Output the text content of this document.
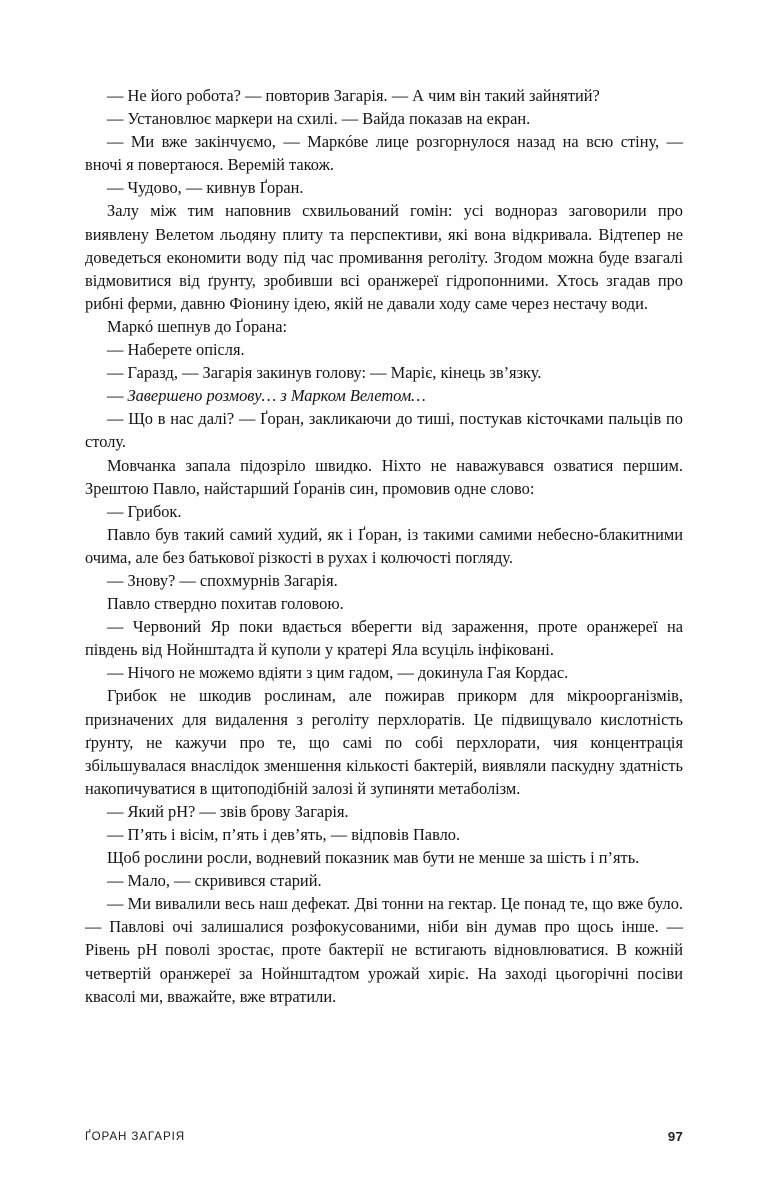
— Не його робота? — повторив Загарія. — А чим він такий зайнятий?

— Установлює маркери на схилі. — Вайда показав на екран.

— Ми вже закінчуємо, — Маркóве лице розгорнулося назад на всю стіну, — вночі я повертаюся. Веремій також.

— Чудово, — кивнув Ґоран.

Залу між тим наповнив схвильований гомін: усі воднораз заговорили про виявлену Велетом льодяну плиту та перспективи, які вона відкривала. Відтепер не доведеться економити воду під час промивання реголіту. Згодом можна буде взагалі відмовитися від ґрунту, зробивши всі оранжереї гідропонними. Хтось згадав про рибні ферми, давню Фіонину ідею, якій не давали ходу саме через нестачу води.

Маркó шепнув до Ґорана:

— Наберете опісля.

— Гаразд, — Загарія закинув голову: — Маріє, кінець зв’язку.

— Завершено розмову… з Марком Велетом…

— Що в нас далі? — Ґоран, закликаючи до тиші, постукав кісточками пальців по столу.

Мовчанка запала підозріло швидко. Ніхто не наважувався озватися першим. Зрештою Павло, найстарший Ґоранів син, промовив одне слово:

— Грибок.

Павло був такий самий худий, як і Ґоран, із такими самими небесно-блакитними очима, але без батькової різкості в рухах і колючості погляду.

— Знову? — спохмурнів Загарія.

Павло ствердно похитав головою.

— Червоний Яр поки вдається вберегти від зараження, проте оранжереї на південь від Нойнштадта й куполи у кратері Яла всуціль інфіковані.

— Нічого не можемо вдіяти з цим гадом, — докинула Гая Кордас.

Грибок не шкодив рослинам, але пожирав прикорм для мікроорганізмів, призначених для видалення з реголіту перхлоратів. Це підвищувало кислотність ґрунту, не кажучи про те, що самі по собі перхлорати, чия концентрація збільшувалася внаслідок зменшення кількості бактерій, виявляли паскудну здатність накопичуватися в щитоподібній залозі й зупиняти метаболізм.

— Який рН? — звів брову Загарія.

— П’ять і вісім, п’ять і дев’ять, — відповів Павло.

Щоб рослини росли, водневий показник мав бути не менше за шість і п’ять.

— Мало, — скривився старий.

— Ми вивалили весь наш дефекат. Дві тонни на гектар. Це понад те, що вже було. — Павлові очі залишалися розфокусованими, ніби він думав про щось інше. — Рівень рН поволі зростає, проте бактерії не встигають відновлюватися. В кожній четвертій оранжереї за Нойнштадтом урожай хиріє. На заході цьогорічні посіви квасолі ми, вважайте, вже втратили.

ҐОРАН ЗАГАРІЯ	97
